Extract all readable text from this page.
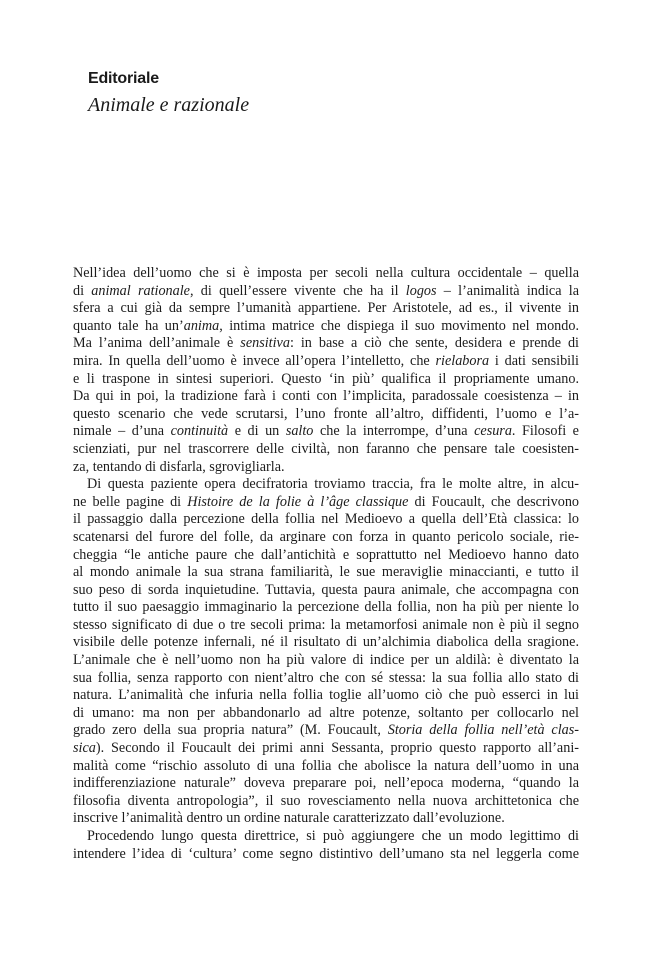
Editoriale
Animale e razionale
Nell’idea dell’uomo che si è imposta per secoli nella cultura occidentale – quella
di animal rationale, di quell’essere vivente che ha il logos – l’animalità indica la
sfera a cui già da sempre l’umanità appartiene. Per Aristotele, ad es., il vivente in
quanto tale ha un’anima, intima matrice che dispiega il suo movimento nel mondo.
Ma l’anima dell’animale è sensitiva: in base a ciò che sente, desidera e prende di
mira. In quella dell’uomo è invece all’opera l’intelletto, che rielabora i dati sensibili
e li traspone in sintesi superiori. Questo ‘in più’ qualifica il propriamente umano.
Da qui in poi, la tradizione farà i conti con l’implicita, paradossale coesistenza – in
questo scenario che vede scrutarsi, l’uno fronte all’altro, diffidenti, l’uomo e l’a-
nimale – d’una continuità e di un salto che la interrompe, d’una cesura. Filosofi e
scienziati, pur nel trascorrere delle civiltà, non faranno che pensare tale coesisten-
za, tentando di disfarla, sgrovigliarla.
Di questa paziente opera decifratoria troviamo traccia, fra le molte altre, in alcu-
ne belle pagine di Histoire de la folie à l’âge classique di Foucault, che descrivono
il passaggio dalla percezione della follia nel Medioevo a quella dell’Età classica: lo
scatenarsi del furore del folle, da arginare con forza in quanto pericolo sociale, rie-
cheggia “le antiche paure che dall’antichità e soprattutto nel Medioevo hanno dato
al mondo animale la sua strana familiarità, le sue meraviglie minaccianti, e tutto il
suo peso di sorda inquietudine. Tuttavia, questa paura animale, che accompagna con
tutto il suo paesaggio immaginario la percezione della follia, non ha più per niente lo
stesso significato di due o tre secoli prima: la metamorfosi animale non è più il segno
visibile delle potenze infernali, né il risultato di un’alchimia diabolica della sragione.
L’animale che è nell’uomo non ha più valore di indice per un aldilà: è diventato la
sua follia, senza rapporto con nient’altro che con sé stessa: la sua follia allo stato di
natura. L’animalità che infuria nella follia toglie all’uomo ciò che può esserci in lui
di umano: ma non per abbandonarlo ad altre potenze, soltanto per collocarlo nel
grado zero della sua propria natura” (M. Foucault, Storia della follia nell’età clas-
sica). Secondo il Foucault dei primi anni Sessanta, proprio questo rapporto all’ani-
malità come “rischio assoluto di una follia che abolisce la natura dell’uomo in una
indifferenziazione naturale” doveva preparare poi, nell’epoca moderna, “quando la
filosofia diventa antropologia”, il suo rovesciamento nella nuova archittetonica che
inscrive l’animalità dentro un ordine naturale caratterizzato dall’evoluzione.
Procedendo lungo questa direttrice, si può aggiungere che un modo legittimo di
intendere l’idea di ‘cultura’ come segno distintivo dell’umano sta nel leggerla come
